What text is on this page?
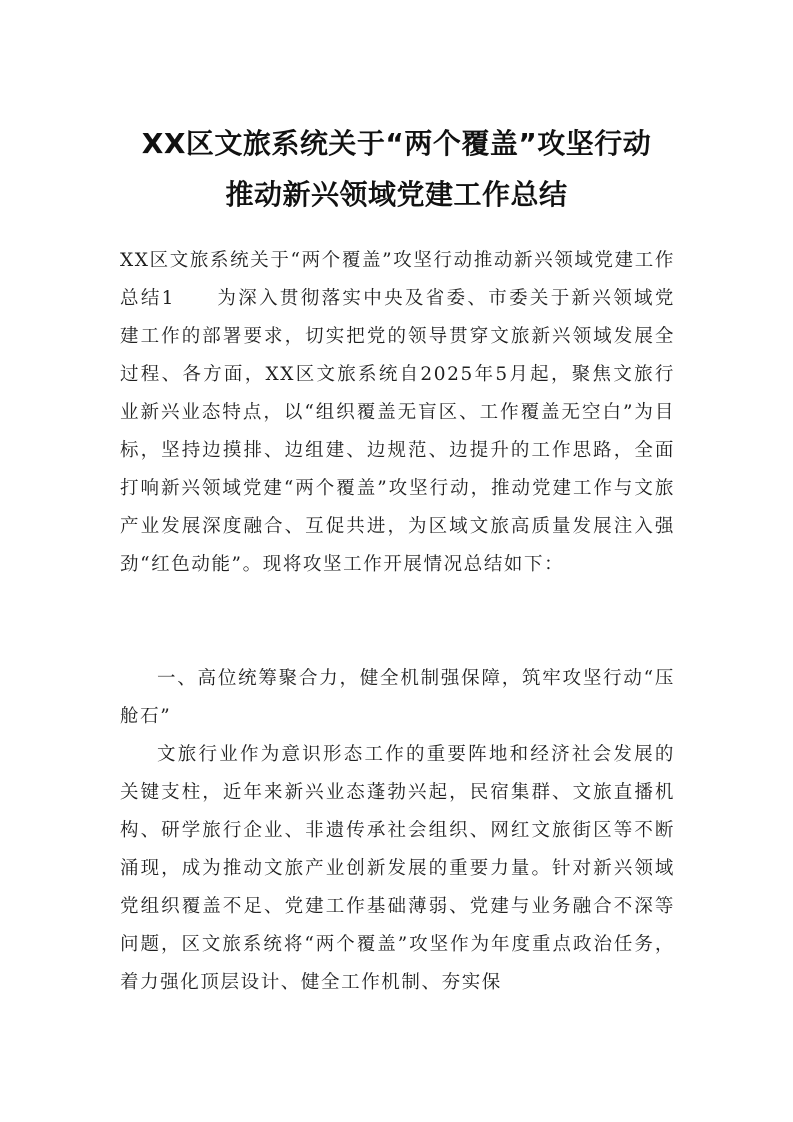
XX区文旅系统关于“两个覆盖”攻坚行动
推动新兴领域党建工作总结

XX区文旅系统关于“两个覆盖”攻坚行动推动新兴领域党建工作总结1　　为深入贯彻落实中央及省委、市委关于新兴领域党建工作的部署要求，切实把党的领导贯穿文旅新兴领域发展全过程、各方面，XX区文旅系统自2025年5月起，聚焦文旅行业新兴业态特点，以“组织覆盖无盲区、工作覆盖无空白”为目标，坚持边摸排、边组建、边规范、边提升的工作思路，全面打响新兴领域党建“两个覆盖”攻坚行动，推动党建工作与文旅产业发展深度融合、互促共进，为区域文旅高质量发展注入强劲“红色动能”。现将攻坚工作开展情况总结如下：

一、高位统筹聚合力，健全机制强保障，筑牢攻坚行动“压舱石”

文旅行业作为意识形态工作的重要阵地和经济社会发展的关键支柱，近年来新兴业态蓬勃兴起，民宿集群、文旅直播机构、研学旅行企业、非遗传承社会组织、网红文旅街区等不断涌现，成为推动文旅产业创新发展的重要力量。针对新兴领域党组织覆盖不足、党建工作基础薄弱、党建与业务融合不深等问题，区文旅系统将“两个覆盖”攻坚作为年度重点政治任务，着力强化顶层设计、健全工作机制、夯实保
